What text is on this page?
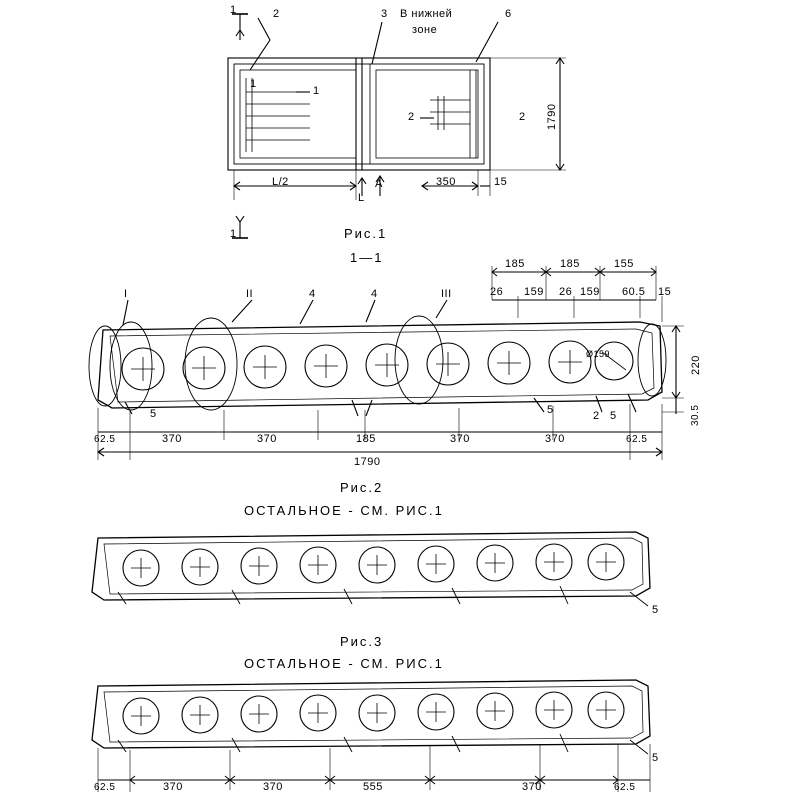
1	2	3 В нижней
зоне
6
1
1
2	2 1790
L/2	350	15
A
L
1	Рис.1
1—1
I	II	III
4	4
185	185	155
26 159 26 159 60.5 15
Ø159
220
30.5
5	5	2 5
62.5	370	370	185	370	370	62.5
1790
Рис.2
ОСТАЛЬНОЕ - СМ. РИС.1
5
Рис.3
ОСТАЛЬНОЕ - СМ. РИС.1
5
62.5	370	370	555	370	62.5
